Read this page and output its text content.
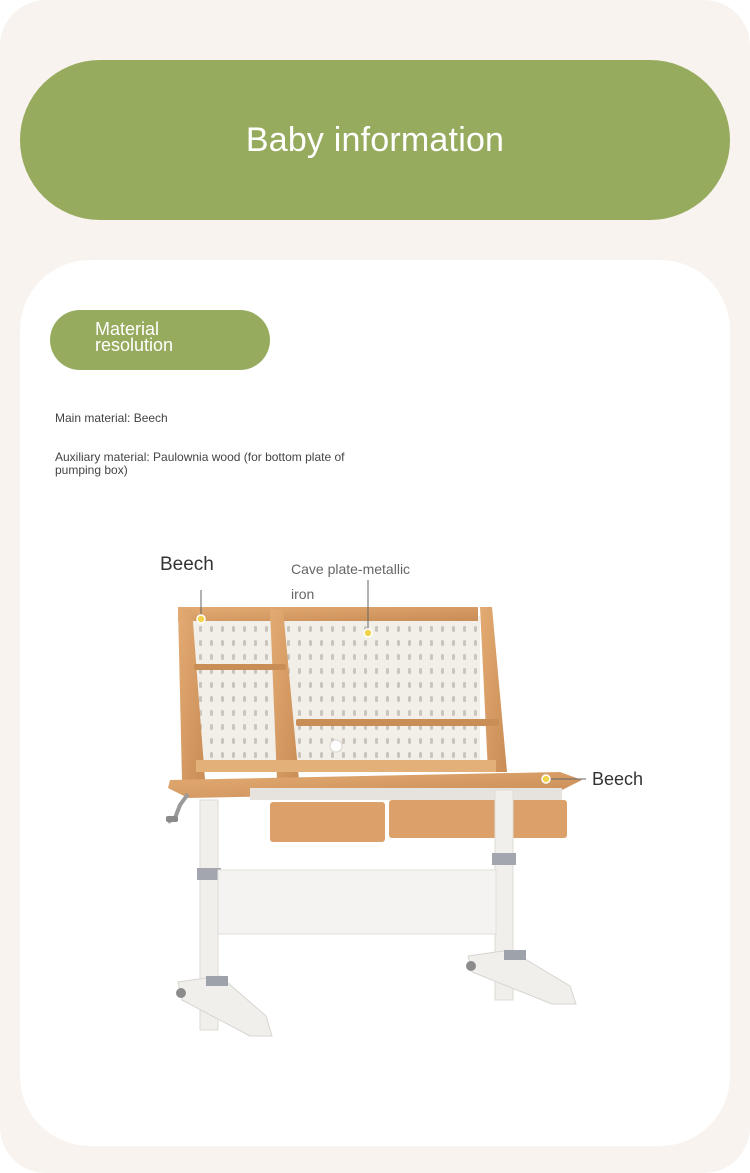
Baby information
Material resolution
Main material: Beech
Auxiliary material: Paulownia wood (for bottom plate of pumping box)
Beech	Cave plate-metallic iron
Beech
